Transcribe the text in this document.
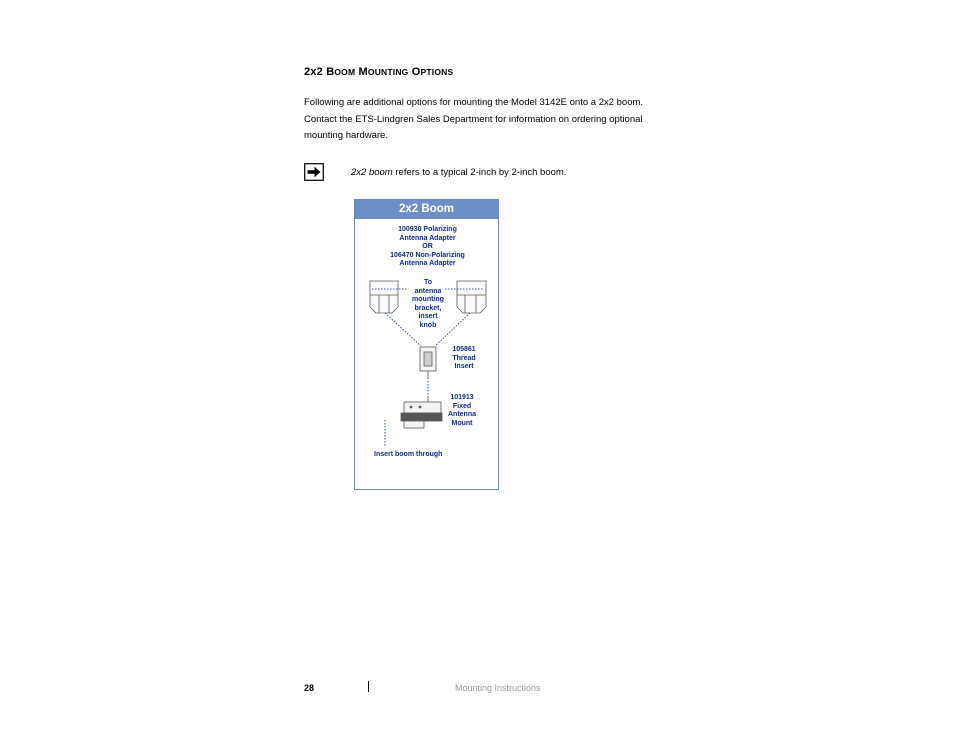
2x2 BOOM MOUNTING OPTIONS

Following are additional options for mounting the Model 3142E onto a 2x2 boom.
Contact the ETS-Lindgren Sales Department for information on ordering optional
mounting hardware.

2x2 boom refers to a typical 2-inch by 2-inch boom.
2x2 Boom
100930 Polarizing
Antenna Adapter
OR
106470 Non-Polarizing
Antenna Adapter
To
antenna
mounting
bracket,
insert
knob
105861
Thread
Insert
101913
Fixed
Antenna
Mount
Insert boom through
28	Mounting Instructions
